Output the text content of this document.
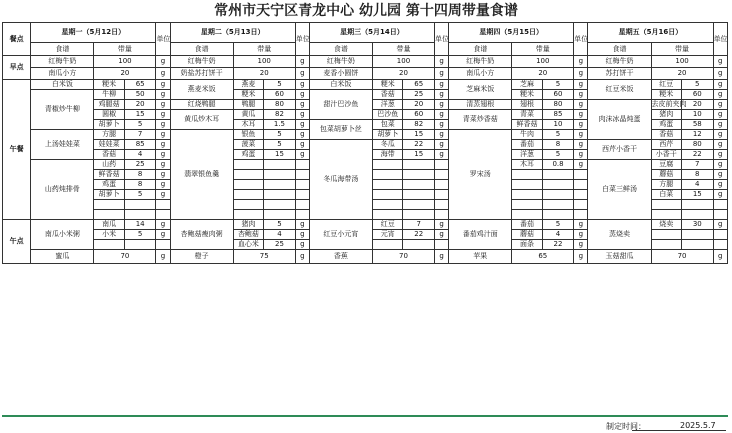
常州市天宁区青龙中心 幼儿园 第十四周带量食谱
餐点	星期一（5月12日）			单位	星期二（5月13日）			单位	星期三（5月14日）			单位	星期四（5月15日）			单位	星期五（5月16日）			单位
	食谱	带量			食谱	带量			食谱	带量			食谱	带量			食谱	带量		
早点	红梅牛奶	100		g	红梅牛奶	100		g	红梅牛奶	100		g	红梅牛奶	100		g	红梅牛奶	100		g
	南瓜小方	20		g	奶盐苏打饼干	20		g	麦香小圆饼	20		g	南瓜小方	20		g	苏打饼干	20		g
午餐	白米饭	粳米	65	g	燕麦米饭	燕麦	5	g	白米饭	粳米	65	g	芝麻米饭	芝麻	5	g	红豆米饭	红豆	5	g
	青椒炒牛柳	牛柳	50	g		粳米	60	g	甜汁巴沙鱼	香菇	25	g		粳米	60	g		粳米	60	g
		鸡腿菇	20	g	红烧鸭腿	鸭腿	80	g		洋葱	20	g	清蒸翅根	翅根	80	g	肉沫冰晶炖蛋	去皮前夹肉	20	g
		圆椒	15	g	黄瓜炒木耳	黄瓜	82	g		巴沙鱼	60	g	青菜炒香菇	青菜	85	g		猪肉	10	g
		胡萝卜	5	g		木耳	1.5	g	包菜胡萝卜丝	包菜	82	g		鲜香菇	10	g		鸡蛋	58	g
	上汤娃娃菜	方腿	7	g	翡翠银鱼羹	银鱼	5	g		胡萝卜	15	g	罗宋汤	牛肉	5	g		香菇	12	g
		娃娃菜	85	g		菠菜	5	g	冬瓜海带汤	冬瓜	22	g		番茄	8	g	西芹小香干	西芹	80	g
		香菇	4	g		鸡蛋	15	g		海带	15	g		洋葱	5	g		小香干	22	g
	山药炖排骨	山药	25	g										木耳	0.8	g	白菜三鲜汤	豆腐	7	g
		鲜香菇	8	g														蘑菇	8	g
		鸡蛋	8	g														方腿	4	g
		胡萝卜	5	g														白菜	15	g

午点	南瓜小米粥	南瓜	14	g	杏鲍菇瘦肉粥	猪肉	5	g	红豆小元宵	红豆	7	g	番茄鸡汁面	番茄	5	g	蒸烧卖	烧卖	30	g
		小米	5	g		杏鲍菇	4	g		元宵	22	g		蘑菇	4	g				
						血心米	25	g						面条	22	g				
	蜜瓜	70		g	橙子	75		g	香蕉	70		g	苹果	65		g	玉菇甜瓜	70		g
制定时间：	2025.5.7
